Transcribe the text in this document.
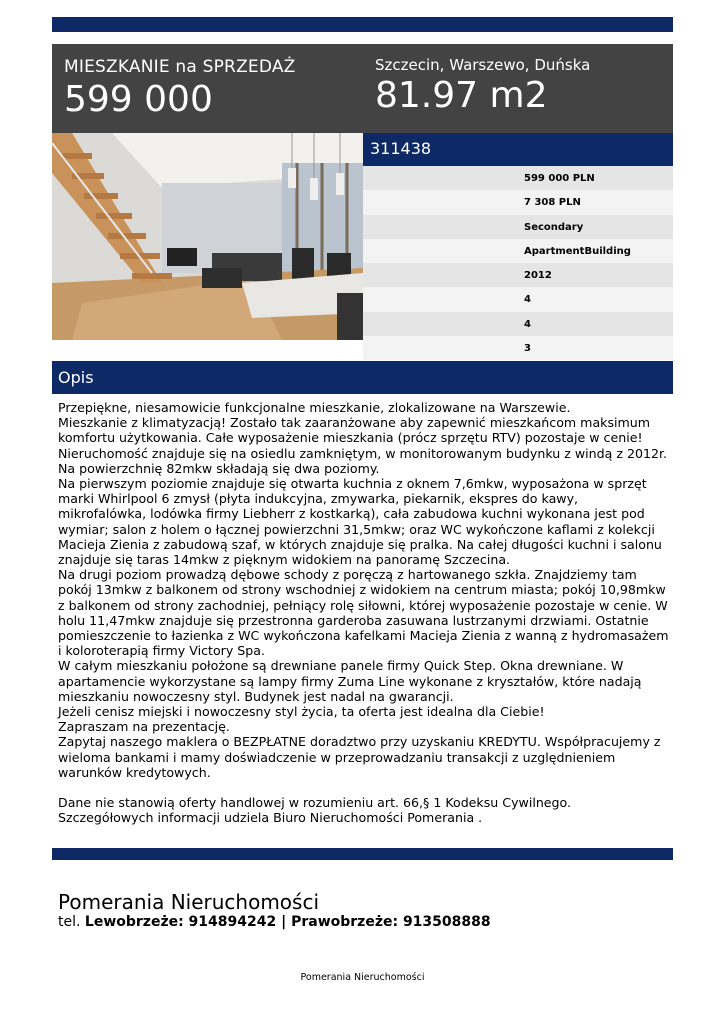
MIESZKANIE na SPRZEDAŻ
599 000
Szczecin, Warszewo, Duńska
81.97 m2
311438
599 000 PLN
7 308 PLN
Secondary
ApartmentBuilding
2012
4
4
3
Opis

Przepiękne, niesamowicie funkcjonalne mieszkanie, zlokalizowane na Warszewie.

Mieszkanie z klimatyzacją! Zostało tak zaaranżowane aby zapewnić mieszkańcom maksimum komfortu użytkowania. Całe wyposażenie mieszkania (prócz sprzętu RTV) pozostaje w cenie!

Nieruchomość znajduje się na osiedlu zamkniętym, w monitorowanym budynku z windą z 2012r.

Na powierzchnię 82mkw składają się dwa poziomy.

Na pierwszym poziomie znajduje się otwarta kuchnia z oknem 7,6mkw, wyposażona w sprzęt marki Whirlpool 6 zmysł (płyta indukcyjna, zmywarka, piekarnik, ekspres do kawy, mikrofalówka, lodówka firmy Liebherr z kostkarką), cała zabudowa kuchni wykonana jest pod wymiar; salon z holem o łącznej powierzchni 31,5mkw; oraz WC wykończone kaflami z kolekcji Macieja Zienia z zabudową szaf, w których znajduje się pralka. Na całej długości kuchni i salonu znajduje się taras 14mkw z pięknym widokiem na panoramę Szczecina.

Na drugi poziom prowadzą dębowe schody z poręczą z hartowanego szkła. Znajdziemy tam pokój 13mkw z balkonem od strony wschodniej z widokiem na centrum miasta; pokój 10,98mkw z balkonem od strony zachodniej, pełniący rolę siłowni, której wyposażenie pozostaje w cenie. W holu 11,47mkw znajduje się przestronna garderoba zasuwana lustrzanymi drzwiami. Ostatnie pomieszczenie to łazienka z WC wykończona kafelkami Macieja Zienia z wanną z hydromasażem i koloroterapią firmy Victory Spa.

W całym mieszkaniu położone są drewniane panele firmy Quick Step. Okna drewniane. W apartamencie wykorzystane są lampy firmy Zuma Line wykonane z kryształów, które nadają mieszkaniu nowoczesny styl. Budynek jest nadal na gwarancji.

Jeżeli cenisz miejski i nowoczesny styl życia, ta oferta jest idealna dla Ciebie!

Zapraszam na prezentację.

Zapytaj naszego maklera o BEZPŁATNE doradztwo przy uzyskaniu KREDYTU. Współpracujemy z wieloma bankami i mamy doświadczenie w przeprowadzaniu transakcji z uzględnieniem warunków kredytowych.

Dane nie stanowią oferty handlowej w rozumieniu art. 66,§ 1 Kodeksu Cywilnego. Szczegółowych informacji udziela Biuro Nieruchomości Pomerania .

Pomerania Nieruchomości
tel. Lewobrzeże: 914894242 | Prawobrzeże: 913508888
Pomerania Nieruchomości
